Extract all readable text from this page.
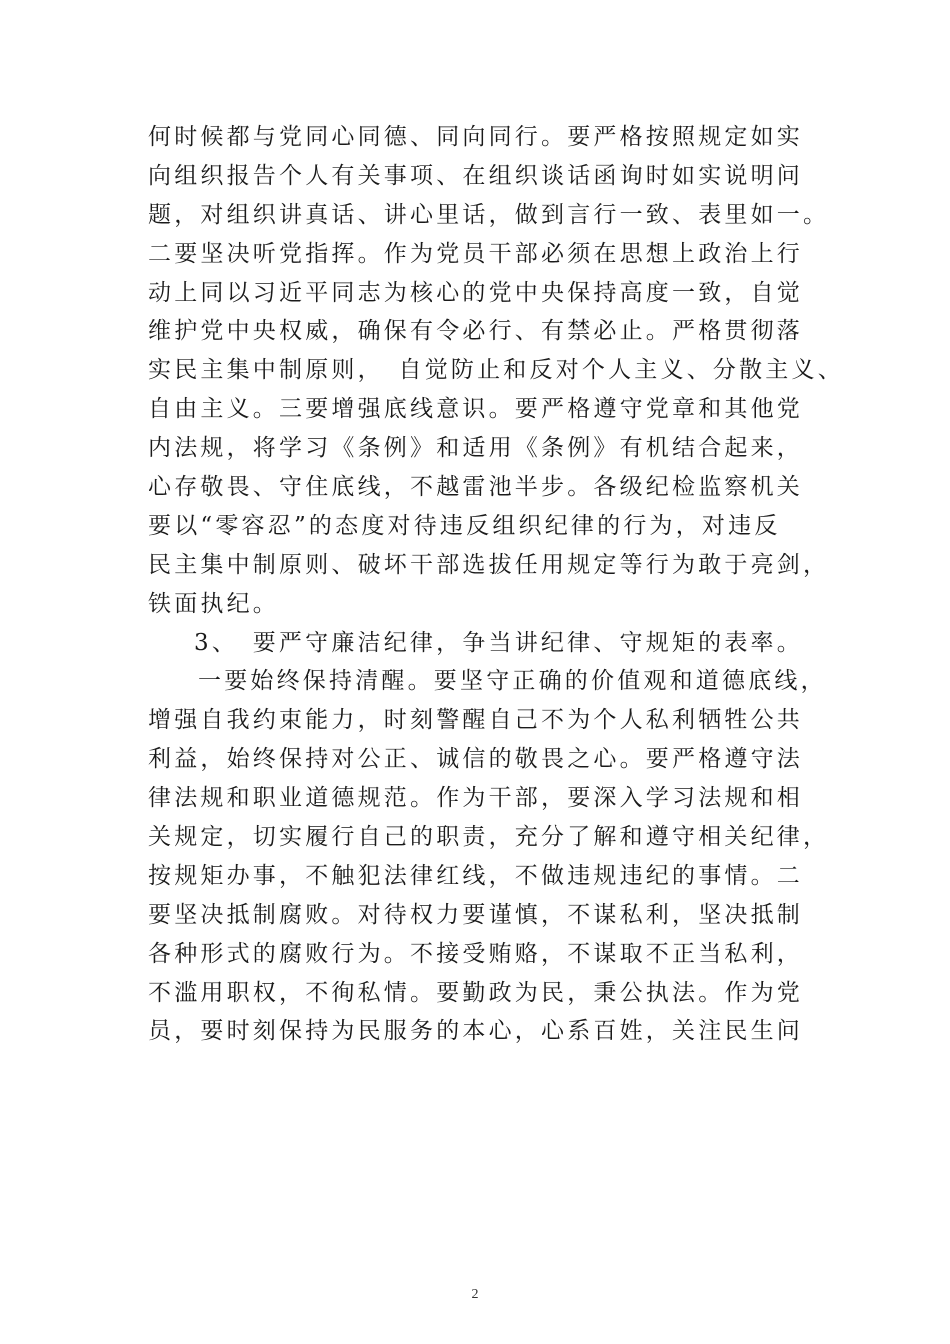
何时候都与党同心同德、同向同行。要严格按照规定如实
向组织报告个人有关事项、在组织谈话函询时如实说明问
题，对组织讲真话、讲心里话，做到言行一致、表里如一。
二要坚决听党指挥。作为党员干部必须在思想上政治上行
动上同以习近平同志为核心的党中央保持高度一致，自觉
维护党中央权威，确保有令必行、有禁必止。严格贯彻落
实民主集中制原则，　自觉防止和反对个人主义、分散主义、
自由主义。三要增强底线意识。要严格遵守党章和其他党
内法规，将学习《条例》和适用《条例》有机结合起来，
心存敬畏、守住底线，不越雷池半步。各级纪检监察机关
要以“零容忍”的态度对待违反组织纪律的行为，对违反
民主集中制原则、破坏干部选拔任用规定等行为敢于亮剑，
铁面执纪。
3、　要严守廉洁纪律，争当讲纪律、守规矩的表率。
一要始终保持清醒。要坚守正确的价值观和道德底线，
增强自我约束能力，时刻警醒自己不为个人私利牺牲公共
利益，始终保持对公正、诚信的敬畏之心。要严格遵守法
律法规和职业道德规范。作为干部，要深入学习法规和相
关规定，切实履行自己的职责，充分了解和遵守相关纪律，
按规矩办事，不触犯法律红线，不做违规违纪的事情。二
要坚决抵制腐败。对待权力要谨慎，不谋私利，坚决抵制
各种形式的腐败行为。不接受贿赂，不谋取不正当私利，
不滥用职权，不徇私情。要勤政为民，秉公执法。作为党
员，要时刻保持为民服务的本心，心系百姓，关注民生问
2
